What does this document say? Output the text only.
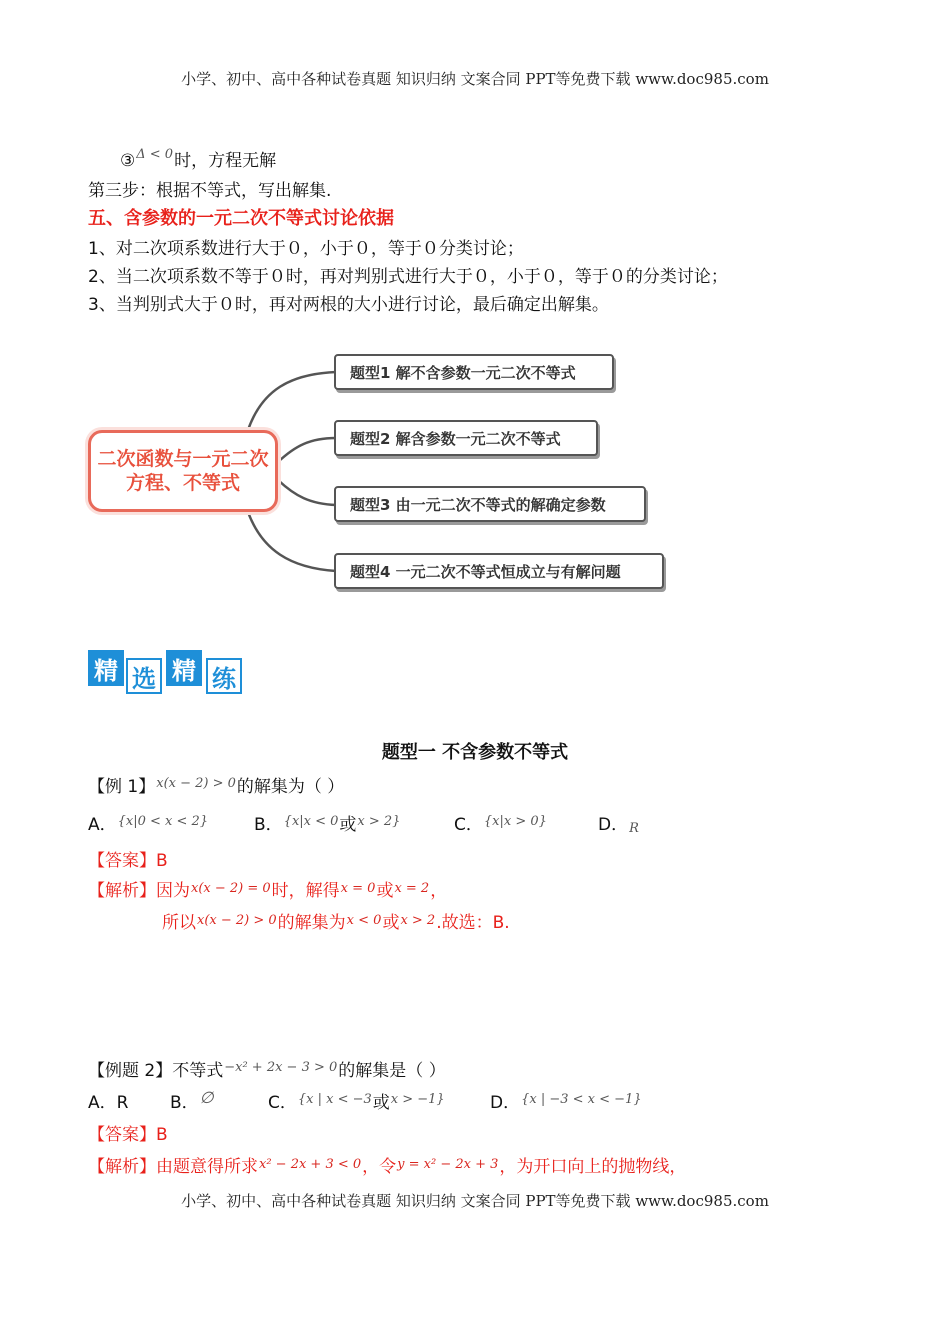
小学、初中、高中各种试卷真题 知识归纳 文案合同 PPT等免费下载 www.doc985.com
③$^{\Delta < 0}$时，方程无解
第三步：根据不等式，写出解集.
五、含参数的一元二次不等式讨论依据
1、对二次项系数进行大于０，小于０，等于０分类讨论；
2、当二次项系数不等于０时，再对判别式进行大于０，小于０，等于０的分类讨论；
3、当判别式大于０时，再对两根的大小进行讨论，最后确定出解集。
二次函数与一元二次方程、不等式
题型1 解不含参数一元二次不等式
题型2 解含参数一元二次不等式
题型3 由一元二次不等式的解确定参数
题型4 一元二次不等式恒成立与有解问题
精 选 精 练
题型一 不含参数不等式
【例 1】$^{x(x - 2) > 0}$的解集为（ ）
A．$^{\{x|0 < x < 2\}}$	B．$^{\{x|x < 0}$或$^{x > 2\}}$	C．$^{\{x|x > 0\}}$	D．R
【答案】B
【解析】因为$^{x(x - 2) = 0}$时，解得$^{x = 0}$或$^{x = 2}$，
所以$^{x(x - 2) > 0}$的解集为$^{x < 0}$或$^{x > 2}$.故选：B.
【例题 2】不等式$^{-x^2 + 2x - 3 > 0}$的解集是（ ）
A．R B．∅	C．$^{\{x | x < -3}$或$^{x > -1\}}$	D．$^{\{x | -3 < x < -1\}}$
【答案】B
【解析】由题意得所求$^{x^2 - 2x + 3 < 0}$，令$^{y = x^2 - 2x + 3}$，为开口向上的抛物线，
小学、初中、高中各种试卷真题 知识归纳 文案合同 PPT等免费下载 www.doc985.com
